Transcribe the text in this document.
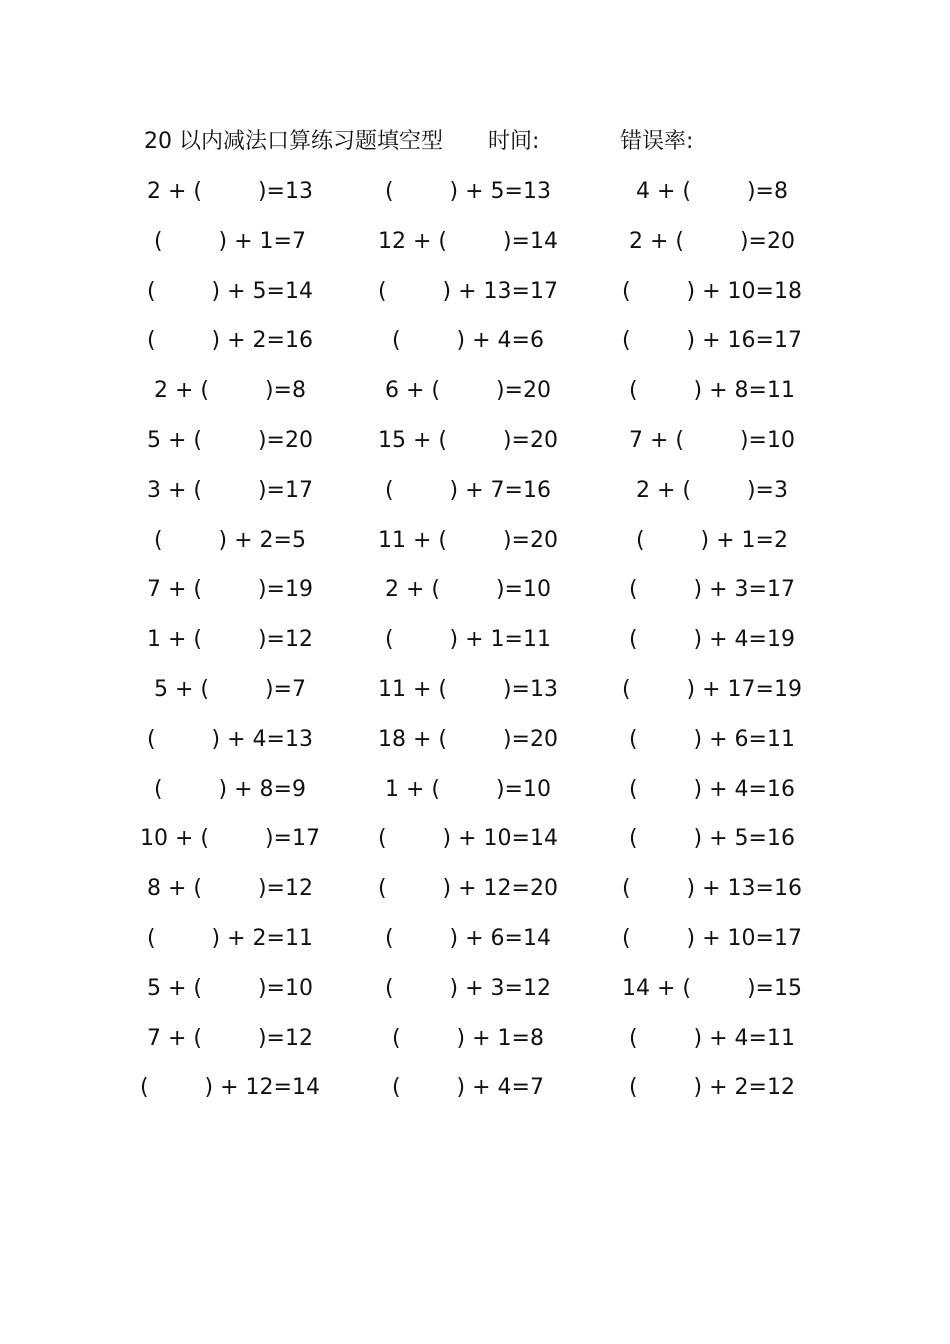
20 以内减法口算练习题填空型 时间:	错误率:
2 + (        )=13	(        ) + 5=13	4 + (        )=8
(        ) + 1=7	12 + (        )=14	2 + (        )=20
(        ) + 5=14	(        ) + 13=17	(        ) + 10=18
(        ) + 2=16	(        ) + 4=6	(        ) + 16=17
2 + (        )=8	6 + (        )=20	(        ) + 8=11
5 + (        )=20	15 + (        )=20	7 + (        )=10
3 + (        )=17	(        ) + 7=16	2 + (        )=3
(        ) + 2=5	11 + (        )=20	(        ) + 1=2
7 + (        )=19	2 + (        )=10	(        ) + 3=17
1 + (        )=12	(        ) + 1=11	(        ) + 4=19
5 + (        )=7	11 + (        )=13	(        ) + 17=19
(        ) + 4=13	18 + (        )=20	(        ) + 6=11
(        ) + 8=9	1 + (        )=10	(        ) + 4=16
10 + (        )=17	(        ) + 10=14	(        ) + 5=16
8 + (        )=12	(        ) + 12=20	(        ) + 13=16
(        ) + 2=11	(        ) + 6=14	(        ) + 10=17
5 + (        )=10	(        ) + 3=12	14 + (        )=15
7 + (        )=12	(        ) + 1=8	(        ) + 4=11
(        ) + 12=14	(        ) + 4=7	(        ) + 2=12
